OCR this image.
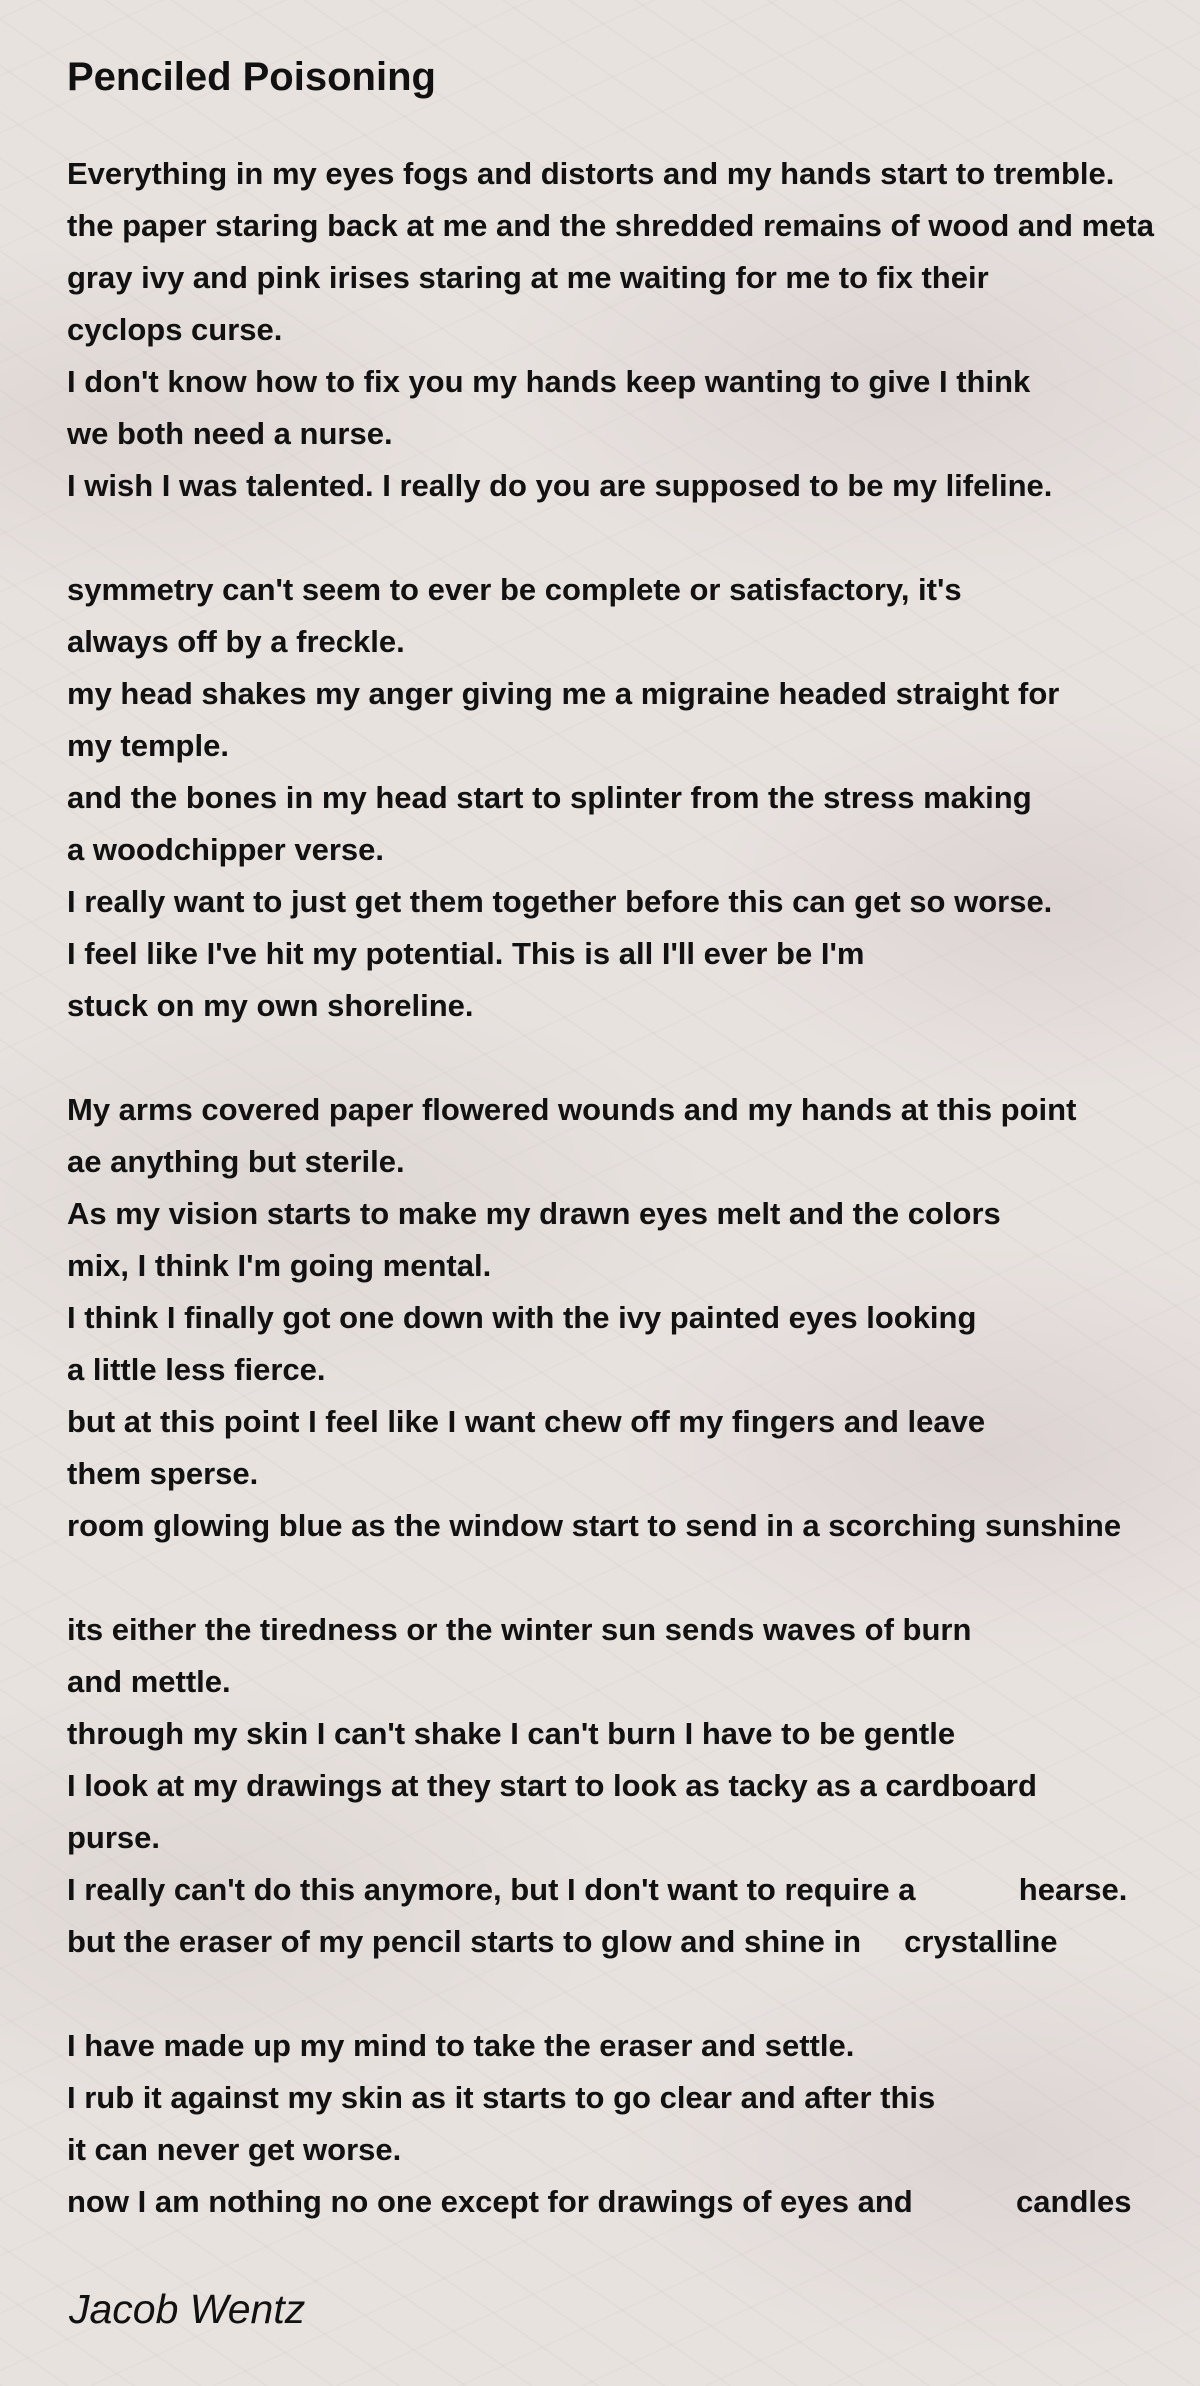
Penciled Poisoning
Everything in my eyes fogs and distorts and my hands start to tremble.
the paper staring back at me and the shredded remains of wood and meta
gray ivy and pink irises staring at me waiting for me to fix their
cyclops curse.
I don't know how to fix you my hands keep wanting to give I think
we both need a nurse.
I wish I was talented. I really do you are supposed to be my lifeline.
symmetry can't seem to ever be complete or satisfactory, it's
always off by a freckle.
my head shakes my anger giving me a migraine headed straight for
my temple.
and the bones in my head start to splinter from the stress making
a woodchipper verse.
I really want to just get them together before this can get so worse.
I feel like I've hit my potential. This is all I'll ever be I'm
stuck on my own shoreline.
My arms covered paper flowered wounds and my hands at this point
ae anything but sterile.
As my vision starts to make my drawn eyes melt and the colors
mix, I think I'm going mental.
I think I finally got one down with the ivy painted eyes looking
a little less fierce.
but at this point I feel like I want chew off my fingers and leave
them sperse.
room glowing blue as the window start to send in a scorching sunshine
its either the tiredness or the winter sun sends waves of burn
and mettle.
through my skin I can't shake I can't burn I have to be gentle
I look at my drawings at they start to look as tacky as a cardboard
purse.
I really can't do this anymore, but I don't want to require a            hearse.
but the eraser of my pencil starts to glow and shine in     crystalline
I have made up my mind to take the eraser and settle.
I rub it against my skin as it starts to go clear and after this
it can never get worse.
now I am nothing no one except for drawings of eyes and            candles
Jacob Wentz
